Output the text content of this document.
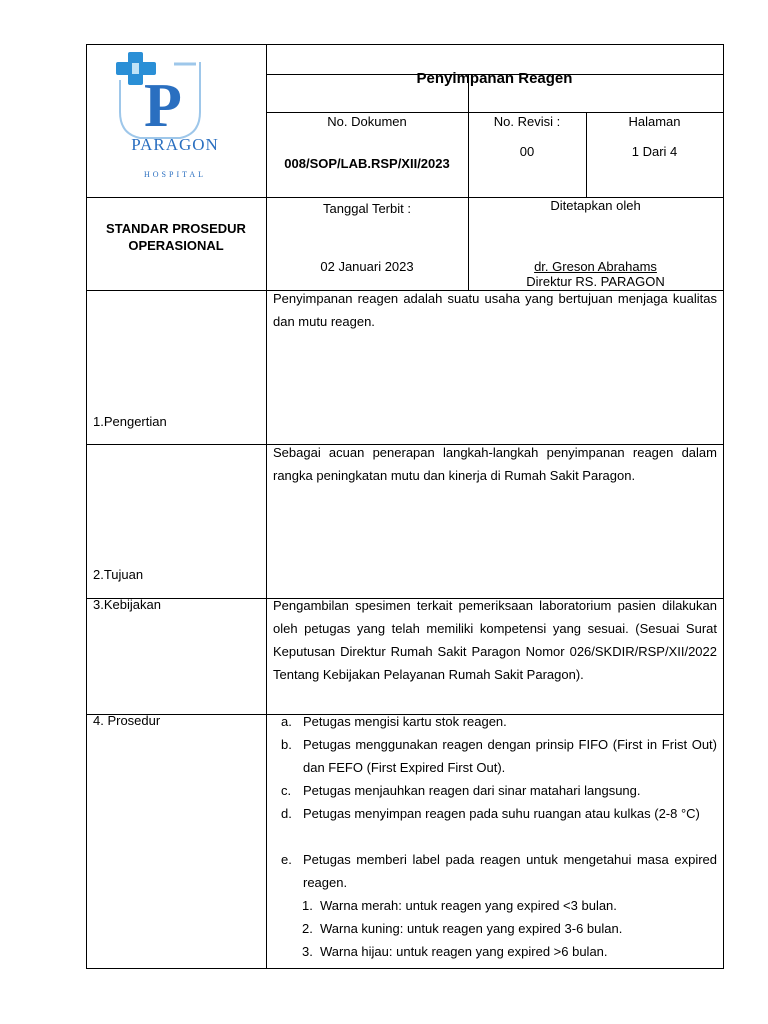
P
PARAGON
HOSPITAL
Penyimpanan Reagen
No. Dokumen
008/SOP/LAB.RSP/XII/2023
No. Revisi :
00
Halaman
1 Dari 4
STANDAR PROSEDUR OPERASIONAL
Tanggal Terbit :
02 Januari 2023
Ditetapkan oleh
dr. Greson Abrahams
Direktur RS. PARAGON
1.Pengertian
Penyimpanan reagen adalah suatu usaha yang bertujuan menjaga kualitas dan mutu reagen.
2.Tujuan
Sebagai acuan penerapan langkah-langkah penyimpanan reagen dalam rangka peningkatan mutu dan kinerja di Rumah Sakit Paragon.
3.Kebijakan	Pengambilan spesimen terkait pemeriksaan laboratorium pasien dilakukan oleh petugas yang telah memiliki kompetensi yang sesuai. (Sesuai Surat Keputusan Direktur Rumah Sakit Paragon Nomor 026/SKDIR/RSP/XII/2022 Tentang Kebijakan Pelayanan Rumah Sakit Paragon).
4. Prosedur	a. Petugas mengisi kartu stok reagen.
b. Petugas menggunakan reagen dengan prinsip FIFO (First in Frist Out) dan FEFO (First Expired First Out).
c. Petugas menjauhkan reagen dari sinar matahari langsung.
d. Petugas menyimpan reagen pada suhu ruangan atau kulkas (2-8 °C)
e. Petugas memberi label pada reagen untuk mengetahui masa expired reagen.
1. Warna merah: untuk reagen yang expired <3 bulan.
2. Warna kuning: untuk reagen yang expired 3-6 bulan.
3. Warna hijau: untuk reagen yang expired >6 bulan.
